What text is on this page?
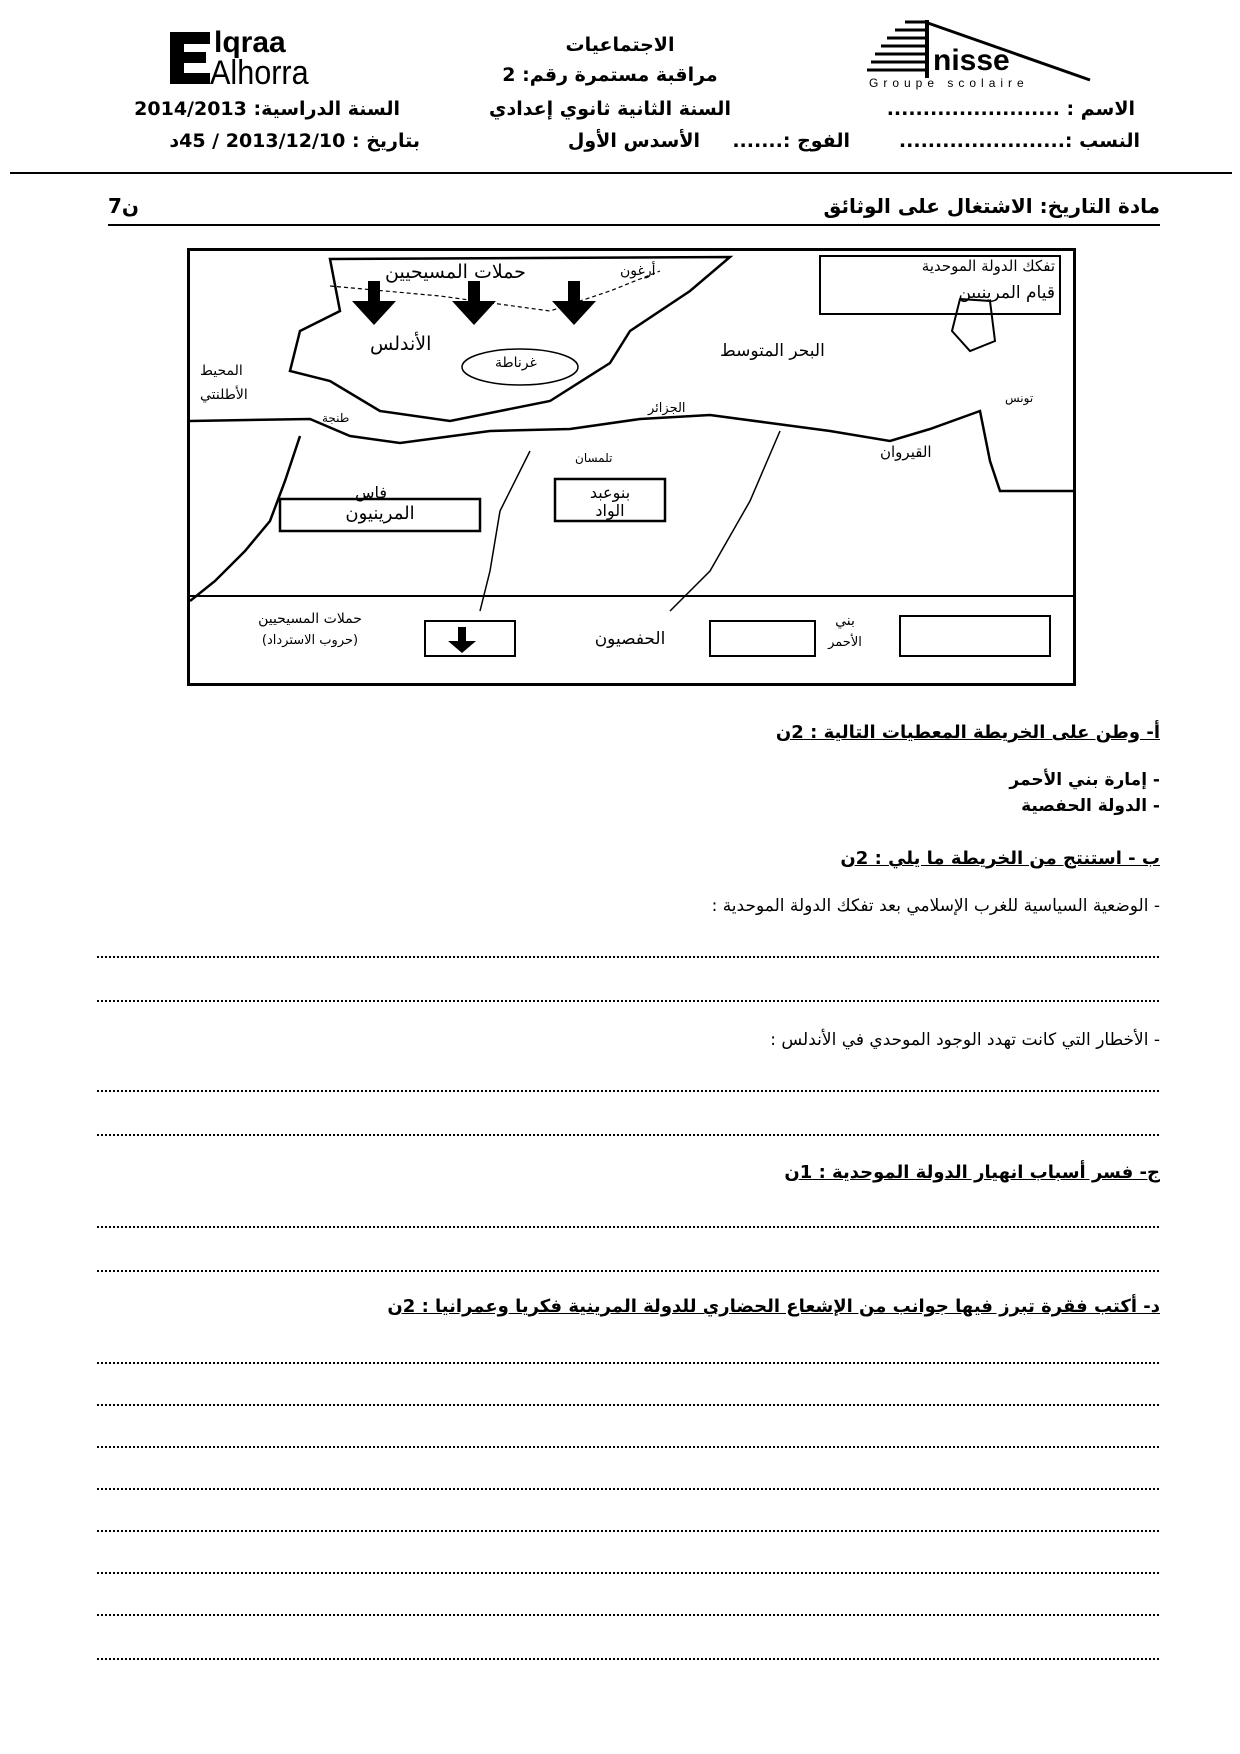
lqraa
Alhorra	nisse
Groupe scolaire
الاجتماعيات
مراقبة مستمرة رقم: 2
السنة الثانية ثانوي إعدادي
الأسدس الأول
السنة الدراسية: 2014/2013
بتاريخ : 2013/12/10 / 45د
الاسم : ........................
النسب :.......................
الفوج :.......
مادة التاريخ: الاشتغال على الوثائق
7ن
تفكك الدولة الموحدية
قيام المرينيين
حملات المسيحيين	أرغون
الأندلس
غرناطة
البحر المتوسط
المحيط
الأطلنتي
طنجة
الجزائر
تونس
القيروان
تلمسان
فاس	بنوعبد
الواد
المرينيون
بني
الأحمر
الحفصيون
حملات المسيحيين
(حروب الاسترداد)
أ- وطن على الخريطة المعطيات التالية : 2ن
- إمارة بني الأحمر
- الدولة الحفصية
ب - استنتج من الخريطة ما يلي : 2ن
- الوضعية السياسية للغرب الإسلامي بعد تفكك الدولة الموحدية :
- الأخطار التي كانت تهدد الوجود الموحدي في الأندلس :
ج- فسر أسباب انهيار الدولة الموحدية : 1ن
د- أكتب فقرة تبرز فيها جوانب من الإشعاع الحضاري للدولة المرينية فكريا وعمرانيا : 2ن
